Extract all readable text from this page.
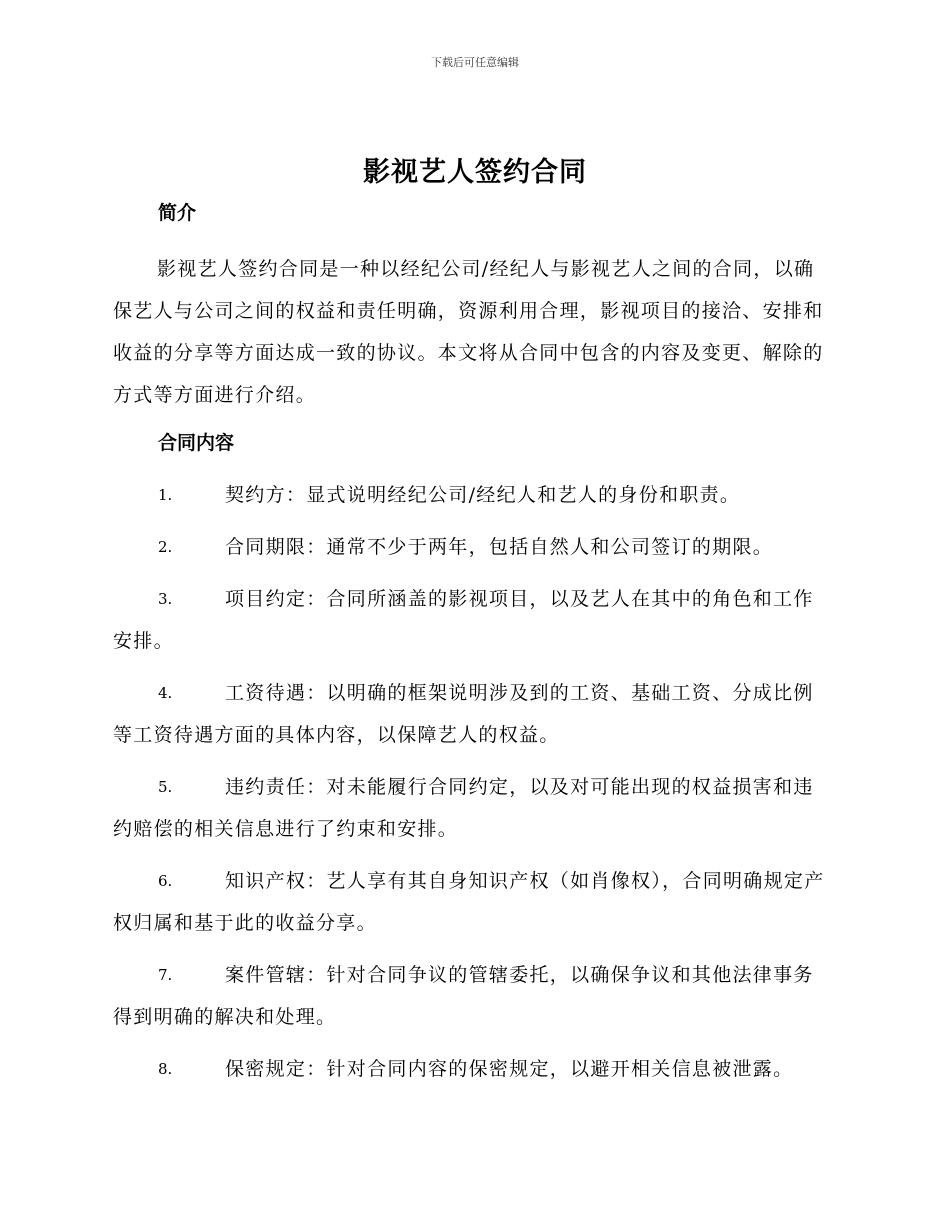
下载后可任意编辑
影视艺人签约合同
简介
影视艺人签约合同是一种以经纪公司/经纪人与影视艺人之间的合同，以确保艺人与公司之间的权益和责任明确，资源利用合理，影视项目的接洽、安排和收益的分享等方面达成一致的协议。本文将从合同中包含的内容及变更、解除的方式等方面进行介绍。
合同内容
1.	契约方：显式说明经纪公司/经纪人和艺人的身份和职责。
2.	合同期限：通常不少于两年，包括自然人和公司签订的期限。
3.	项目约定：合同所涵盖的影视项目，以及艺人在其中的角色和工作安排。
4.	工资待遇：以明确的框架说明涉及到的工资、基础工资、分成比例等工资待遇方面的具体内容，以保障艺人的权益。
5.	违约责任：对未能履行合同约定，以及对可能出现的权益损害和违约赔偿的相关信息进行了约束和安排。
6.	知识产权：艺人享有其自身知识产权（如肖像权），合同明确规定产权归属和基于此的收益分享。
7.	案件管辖：针对合同争议的管辖委托，以确保争议和其他法律事务得到明确的解决和处理。
8.	保密规定：针对合同内容的保密规定，以避开相关信息被泄露。
